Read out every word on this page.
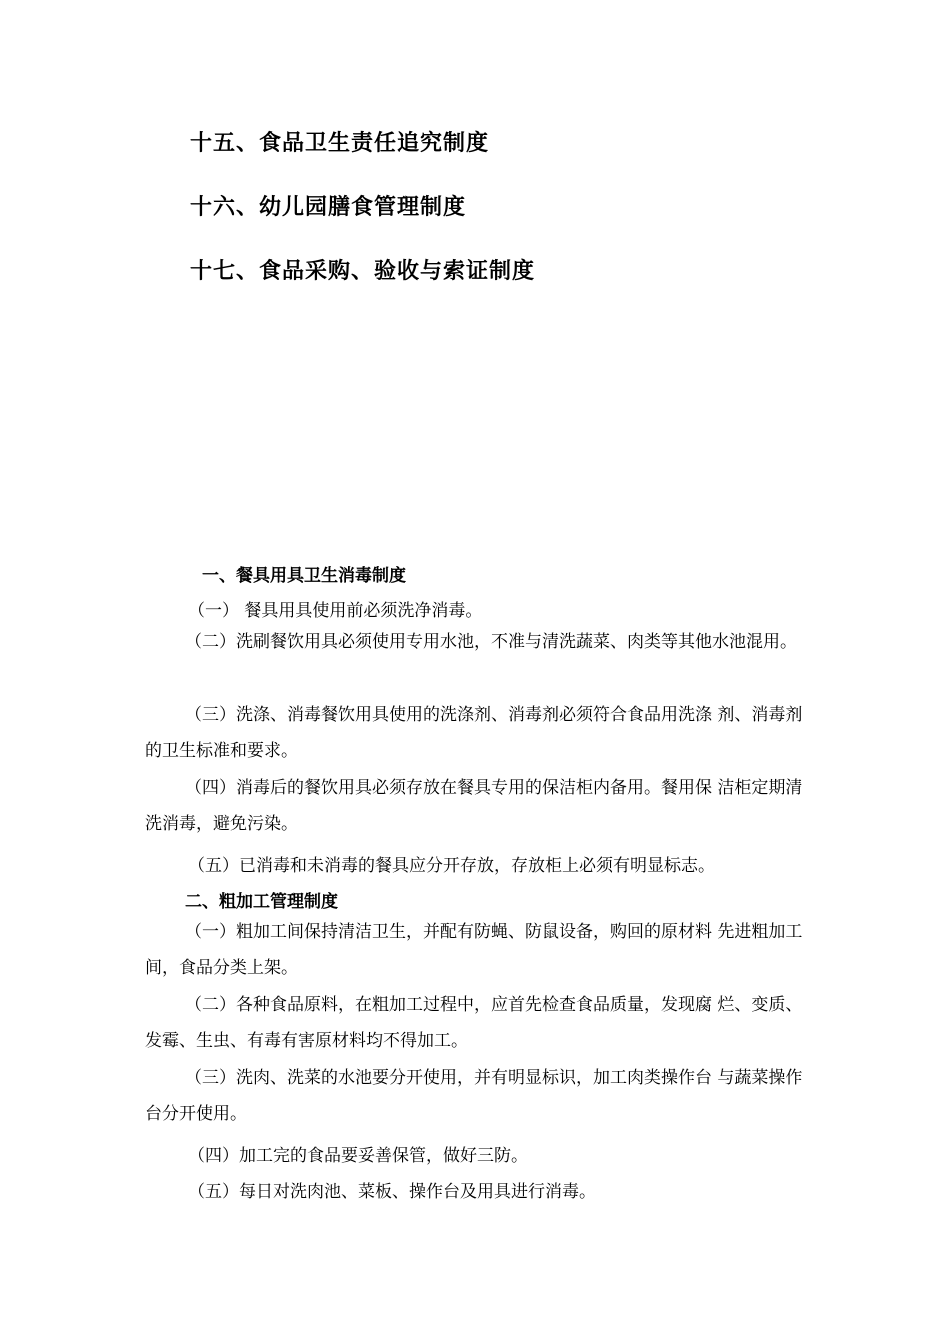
十五、食品卫生责任追究制度
十六、幼儿园膳食管理制度
十七、食品采购、验收与索证制度
一、餐具用具卫生消毒制度
（一） 餐具用具使用前必须洗净消毒。
（二）洗刷餐饮用具必须使用专用水池，不准与清洗蔬菜、肉类等其他水池混用。
（三）洗涤、消毒餐饮用具使用的洗涤剂、消毒剂必须符合食品用洗涤 剂、消毒剂的卫生标准和要求。
（四）消毒后的餐饮用具必须存放在餐具专用的保洁柜内备用。餐用保 洁柜定期清洗消毒，避免污染。
（五）已消毒和未消毒的餐具应分开存放，存放柜上必须有明显标志。
二、粗加工管理制度
（一）粗加工间保持清洁卫生，并配有防蝇、防鼠设备，购回的原材料 先进粗加工间，食品分类上架。
（二）各种食品原料，在粗加工过程中，应首先检查食品质量，发现腐 烂、变质、发霉、生虫、有毒有害原材料均不得加工。
（三）洗肉、洗菜的水池要分开使用，并有明显标识，加工肉类操作台 与蔬菜操作台分开使用。
（四）加工完的食品要妥善保管，做好三防。
（五）每日对洗肉池、菜板、操作台及用具进行消毒。
